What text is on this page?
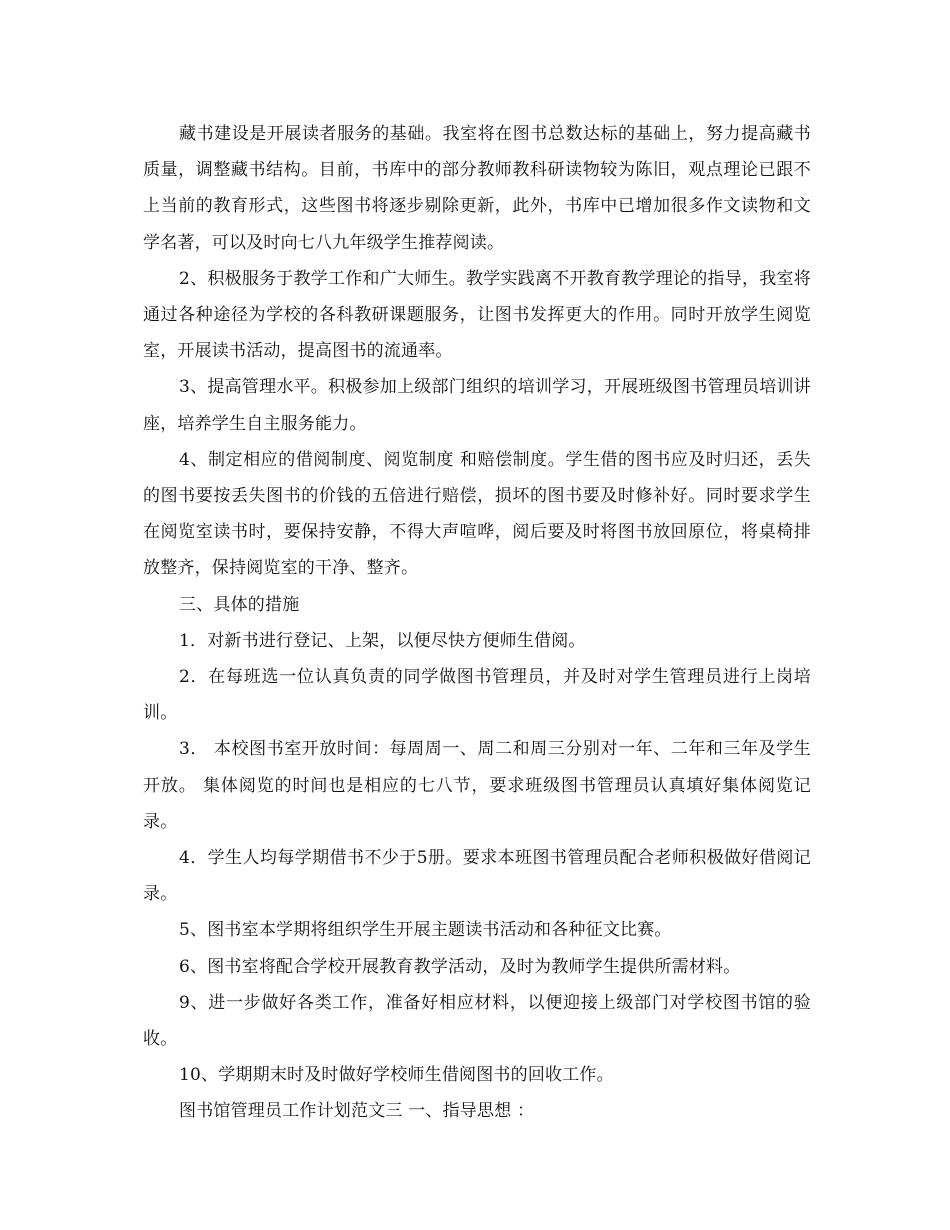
藏书建设是开展读者服务的基础。我室将在图书总数达标的基础上，努力提高藏书质量，调整藏书结构。目前，书库中的部分教师教科研读物较为陈旧，观点理论已跟不上当前的教育形式，这些图书将逐步剔除更新，此外，书库中已增加很多作文读物和文学名著，可以及时向七八九年级学生推荐阅读。

2、积极服务于教学工作和广大师生。教学实践离不开教育教学理论的指导，我室将通过各种途径为学校的各科教研课题服务，让图书发挥更大的作用。同时开放学生阅览室，开展读书活动，提高图书的流通率。

3、提高管理水平。积极参加上级部门组织的培训学习，开展班级图书管理员培训讲座，培养学生自主服务能力。

4、制定相应的借阅制度、阅览制度 和赔偿制度。学生借的图书应及时归还，丢失的图书要按丢失图书的价钱的五倍进行赔偿，损坏的图书要及时修补好。同时要求学生在阅览室读书时，要保持安静，不得大声喧哗，阅后要及时将图书放回原位，将桌椅排放整齐，保持阅览室的干净、整齐。

三、具体的措施

1．对新书进行登记、上架，以便尽快方便师生借阅。

2．在每班选一位认真负责的同学做图书管理员，并及时对学生管理员进行上岗培训。

3． 本校图书室开放时间：每周周一、周二和周三分别对一年、二年和三年及学生开放。 集体阅览的时间也是相应的七八节，要求班级图书管理员认真填好集体阅览记录。

4．学生人均每学期借书不少于5册。要求本班图书管理员配合老师积极做好借阅记录。

5、图书室本学期将组织学生开展主题读书活动和各种征文比赛。

6、图书室将配合学校开展教育教学活动，及时为教师学生提供所需材料。

9、进一步做好各类工作，准备好相应材料，以便迎接上级部门对学校图书馆的验收。

10、学期期末时及时做好学校师生借阅图书的回收工作。

图书馆管理员工作计划范文三 一、指导思想 ：
